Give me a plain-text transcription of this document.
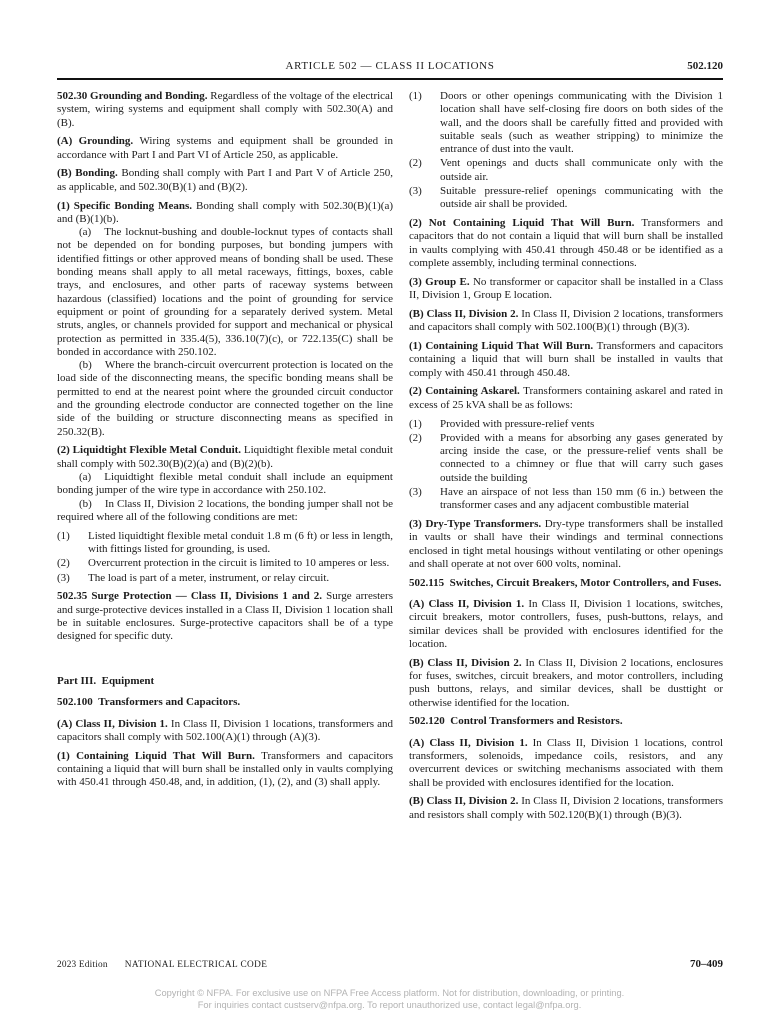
ARTICLE 502 — CLASS II LOCATIONS	502.120

502.30 Grounding and Bonding. Regardless of the voltage of the electrical system, wiring systems and equipment shall comply with 502.30(A) and (B).

(A) Grounding. Wiring systems and equipment shall be grounded in accordance with Part I and Part VI of Article 250, as applicable.

(B) Bonding. Bonding shall comply with Part I and Part V of Article 250, as applicable, and 502.30(B)(1) and (B)(2).

(1) Specific Bonding Means. Bonding shall comply with 502.30(B)(1)(a) and (B)(1)(b).

(a) The locknut-bushing and double-locknut types of contacts shall not be depended on for bonding purposes, but bonding jumpers with identified fittings or other approved means of bonding shall be used. These bonding means shall apply to all metal raceways, fittings, boxes, cable trays, and enclosures, and other parts of raceway systems between hazardous (classified) locations and the point of grounding for service equipment or point of grounding for a separately derived system. Metal struts, angles, or channels provided for support and mechanical or physical protection as permitted in 335.4(5), 336.10(7)(c), or 722.135(C) shall be bonded in accordance with 250.102.

(b) Where the branch-circuit overcurrent protection is located on the load side of the disconnecting means, the specific bonding means shall be permitted to end at the nearest point where the grounded circuit conductor and the grounding electrode conductor are connected together on the line side of the building or structure disconnecting means as specified in 250.32(B).

(2) Liquidtight Flexible Metal Conduit. Liquidtight flexible metal conduit shall comply with 502.30(B)(2)(a) and (B)(2)(b).

(a) Liquidtight flexible metal conduit shall include an equipment bonding jumper of the wire type in accordance with 250.102.

(b) In Class II, Division 2 locations, the bonding jumper shall not be required where all of the following conditions are met:

(1)	Listed liquidtight flexible metal conduit 1.8 m (6 ft) or less in length, with fittings listed for grounding, is used.
(2)	Overcurrent protection in the circuit is limited to 10 amperes or less.
(3)	The load is part of a meter, instrument, or relay circuit.

502.35 Surge Protection — Class II, Divisions 1 and 2. Surge arresters and surge-protective devices installed in a Class II, Division 1 location shall be in suitable enclosures. Surge-protective capacitors shall be of a type designed for specific duty.

Part III. Equipment

502.100 Transformers and Capacitors.

(A) Class II, Division 1. In Class II, Division 1 locations, transformers and capacitors shall comply with 502.100(A)(1) through (A)(3).

(1) Containing Liquid That Will Burn. Transformers and capacitors containing a liquid that will burn shall be installed only in vaults complying with 450.41 through 450.48, and, in addition, (1), (2), and (3) shall apply.

(1)	Doors or other openings communicating with the Division 1 location shall have self-closing fire doors on both sides of the wall, and the doors shall be carefully fitted and provided with suitable seals (such as weather stripping) to minimize the entrance of dust into the vault.
(2)	Vent openings and ducts shall communicate only with the outside air.
(3)	Suitable pressure-relief openings communicating with the outside air shall be provided.

(2) Not Containing Liquid That Will Burn. Transformers and capacitors that do not contain a liquid that will burn shall be installed in vaults complying with 450.41 through 450.48 or be identified as a complete assembly, including terminal connections.

(3) Group E. No transformer or capacitor shall be installed in a Class II, Division 1, Group E location.

(B) Class II, Division 2. In Class II, Division 2 locations, transformers and capacitors shall comply with 502.100(B)(1) through (B)(3).

(1) Containing Liquid That Will Burn. Transformers and capacitors containing a liquid that will burn shall be installed in vaults that comply with 450.41 through 450.48.

(2) Containing Askarel. Transformers containing askarel and rated in excess of 25 kVA shall be as follows:

(1)	Provided with pressure-relief vents
(2)	Provided with a means for absorbing any gases generated by arcing inside the case, or the pressure-relief vents shall be connected to a chimney or flue that will carry such gases outside the building
(3)	Have an airspace of not less than 150 mm (6 in.) between the transformer cases and any adjacent combustible material

(3) Dry-Type Transformers. Dry-type transformers shall be installed in vaults or shall have their windings and terminal connections enclosed in tight metal housings without ventilating or other openings and shall operate at not over 600 volts, nominal.

502.115 Switches, Circuit Breakers, Motor Controllers, and Fuses.

(A) Class II, Division 1. In Class II, Division 1 locations, switches, circuit breakers, motor controllers, fuses, push-buttons, relays, and similar devices shall be provided with enclosures identified for the location.

(B) Class II, Division 2. In Class II, Division 2 locations, enclosures for fuses, switches, circuit breakers, and motor controllers, including push buttons, relays, and similar devices, shall be dusttight or otherwise identified for the location.

502.120 Control Transformers and Resistors.

(A) Class II, Division 1. In Class II, Division 1 locations, control transformers, solenoids, impedance coils, resistors, and any overcurrent devices or switching mechanisms associated with them shall be provided with enclosures identified for the location.

(B) Class II, Division 2. In Class II, Division 2 locations, transformers and resistors shall comply with 502.120(B)(1) through (B)(3).

2023 Edition NATIONAL ELECTRICAL CODE	70–409
Copyright © NFPA. For exclusive use on NFPA Free Access platform. Not for distribution, downloading, or printing.
For inquiries contact custserv@nfpa.org. To report unauthorized use, contact legal@nfpa.org.
